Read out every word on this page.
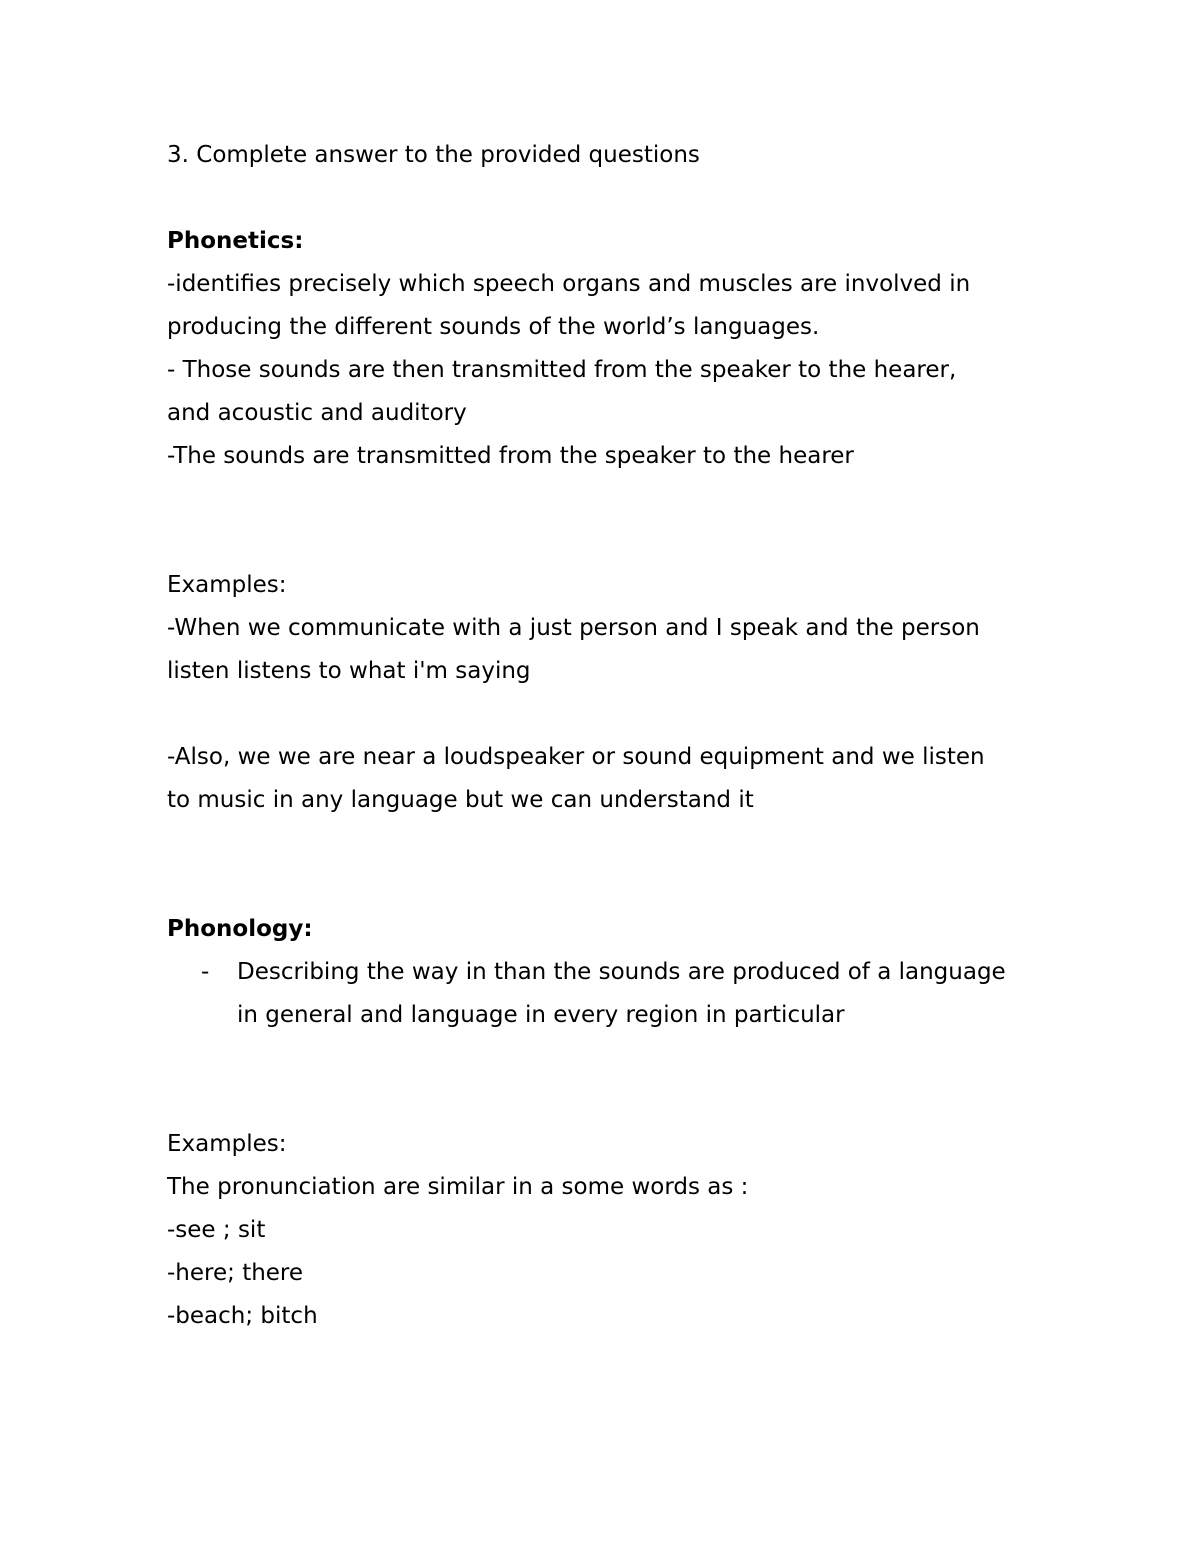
3. Complete answer to the provided questions

Phonetics:

-identifies precisely which speech organs and muscles are involved in

producing the different sounds of the world’s languages.

- Those sounds are then transmitted from the speaker to the hearer,

and acoustic and auditory

-The sounds are transmitted from the speaker to the hearer

Examples:

-When we communicate with a just person and I speak and the person

listen listens to what i'm saying

-Also, we we are near a loudspeaker or sound equipment and we listen

to music in any language but we can understand it

Phonology:

- Describing the way in than the sounds are produced of a language

in general and language in every region in particular

Examples:

The pronunciation are similar in a some words as :

-see ; sit

-here; there

-beach; bitch
